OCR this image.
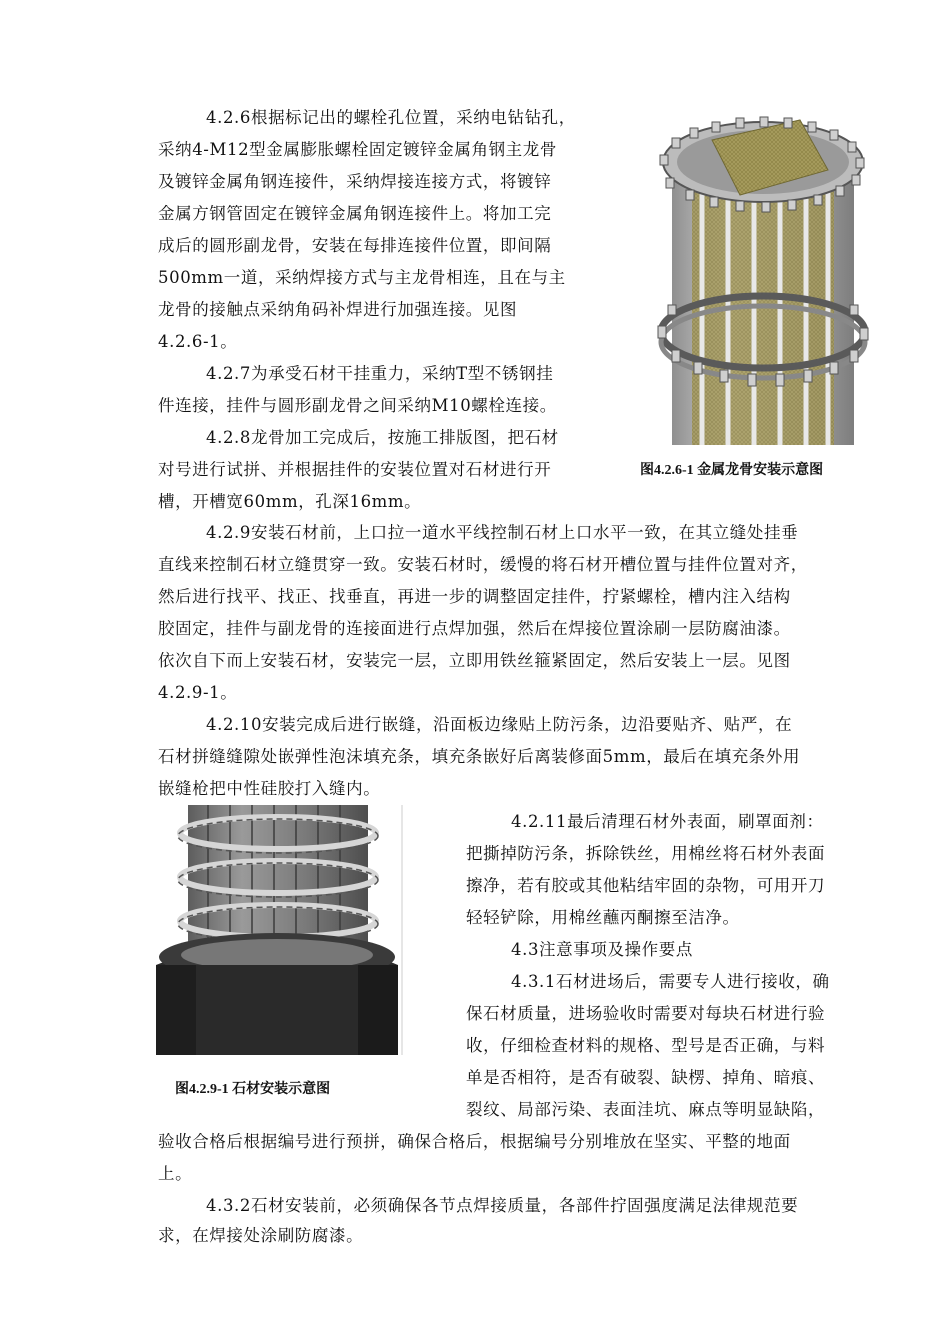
4.2.6根据标记出的螺栓孔位置，采纳电钻钻孔，
采纳4-M12型金属膨胀螺栓固定镀锌金属角钢主龙骨
及镀锌金属角钢连接件，采纳焊接连接方式，将镀锌
金属方钢管固定在镀锌金属角钢连接件上。将加工完
成后的圆形副龙骨，安装在每排连接件位置，即间隔
500mm一道，采纳焊接方式与主龙骨相连，且在与主
龙骨的接触点采纳角码补焊进行加强连接。见图
4.2.6-1。
4.2.7为承受石材干挂重力，采纳T型不锈钢挂
件连接，挂件与圆形副龙骨之间采纳M10螺栓连接。
4.2.8龙骨加工完成后，按施工排版图，把石材
对号进行试拼、并根据挂件的安装位置对石材进行开
槽，开槽宽60mm，孔深16mm。
图4.2.6-1 金属龙骨安装示意图
4.2.9安装石材前，上口拉一道水平线控制石材上口水平一致，在其立缝处挂垂
直线来控制石材立缝贯穿一致。安装石材时，缓慢的将石材开槽位置与挂件位置对齐，
然后进行找平、找正、找垂直，再进一步的调整固定挂件，拧紧螺栓，槽内注入结构
胶固定，挂件与副龙骨的连接面进行点焊加强，然后在焊接位置涂刷一层防腐油漆。
依次自下而上安装石材，安装完一层，立即用铁丝箍紧固定，然后安装上一层。见图
4.2.9-1。
4.2.10安装完成后进行嵌缝，沿面板边缘贴上防污条，边沿要贴齐、贴严，在
石材拼缝缝隙处嵌弹性泡沫填充条，填充条嵌好后离装修面5mm，最后在填充条外用
嵌缝枪把中性硅胶打入缝内。
图4.2.9-1 石材安装示意图
4.2.11最后清理石材外表面，刷罩面剂：
把撕掉防污条，拆除铁丝，用棉丝将石材外表面
擦净，若有胶或其他粘结牢固的杂物，可用开刀
轻轻铲除，用棉丝蘸丙酮擦至洁净。
4.3注意事项及操作要点
4.3.1石材进场后，需要专人进行接收，确
保石材质量，进场验收时需要对每块石材进行验
收，仔细检查材料的规格、型号是否正确，与料
单是否相符，是否有破裂、缺楞、掉角、暗痕、
裂纹、局部污染、表面洼坑、麻点等明显缺陷，
验收合格后根据编号进行预拼，确保合格后，根据编号分别堆放在坚实、平整的地面
上。
4.3.2石材安装前，必须确保各节点焊接质量，各部件拧固强度满足法律规范要
求，在焊接处涂刷防腐漆。
